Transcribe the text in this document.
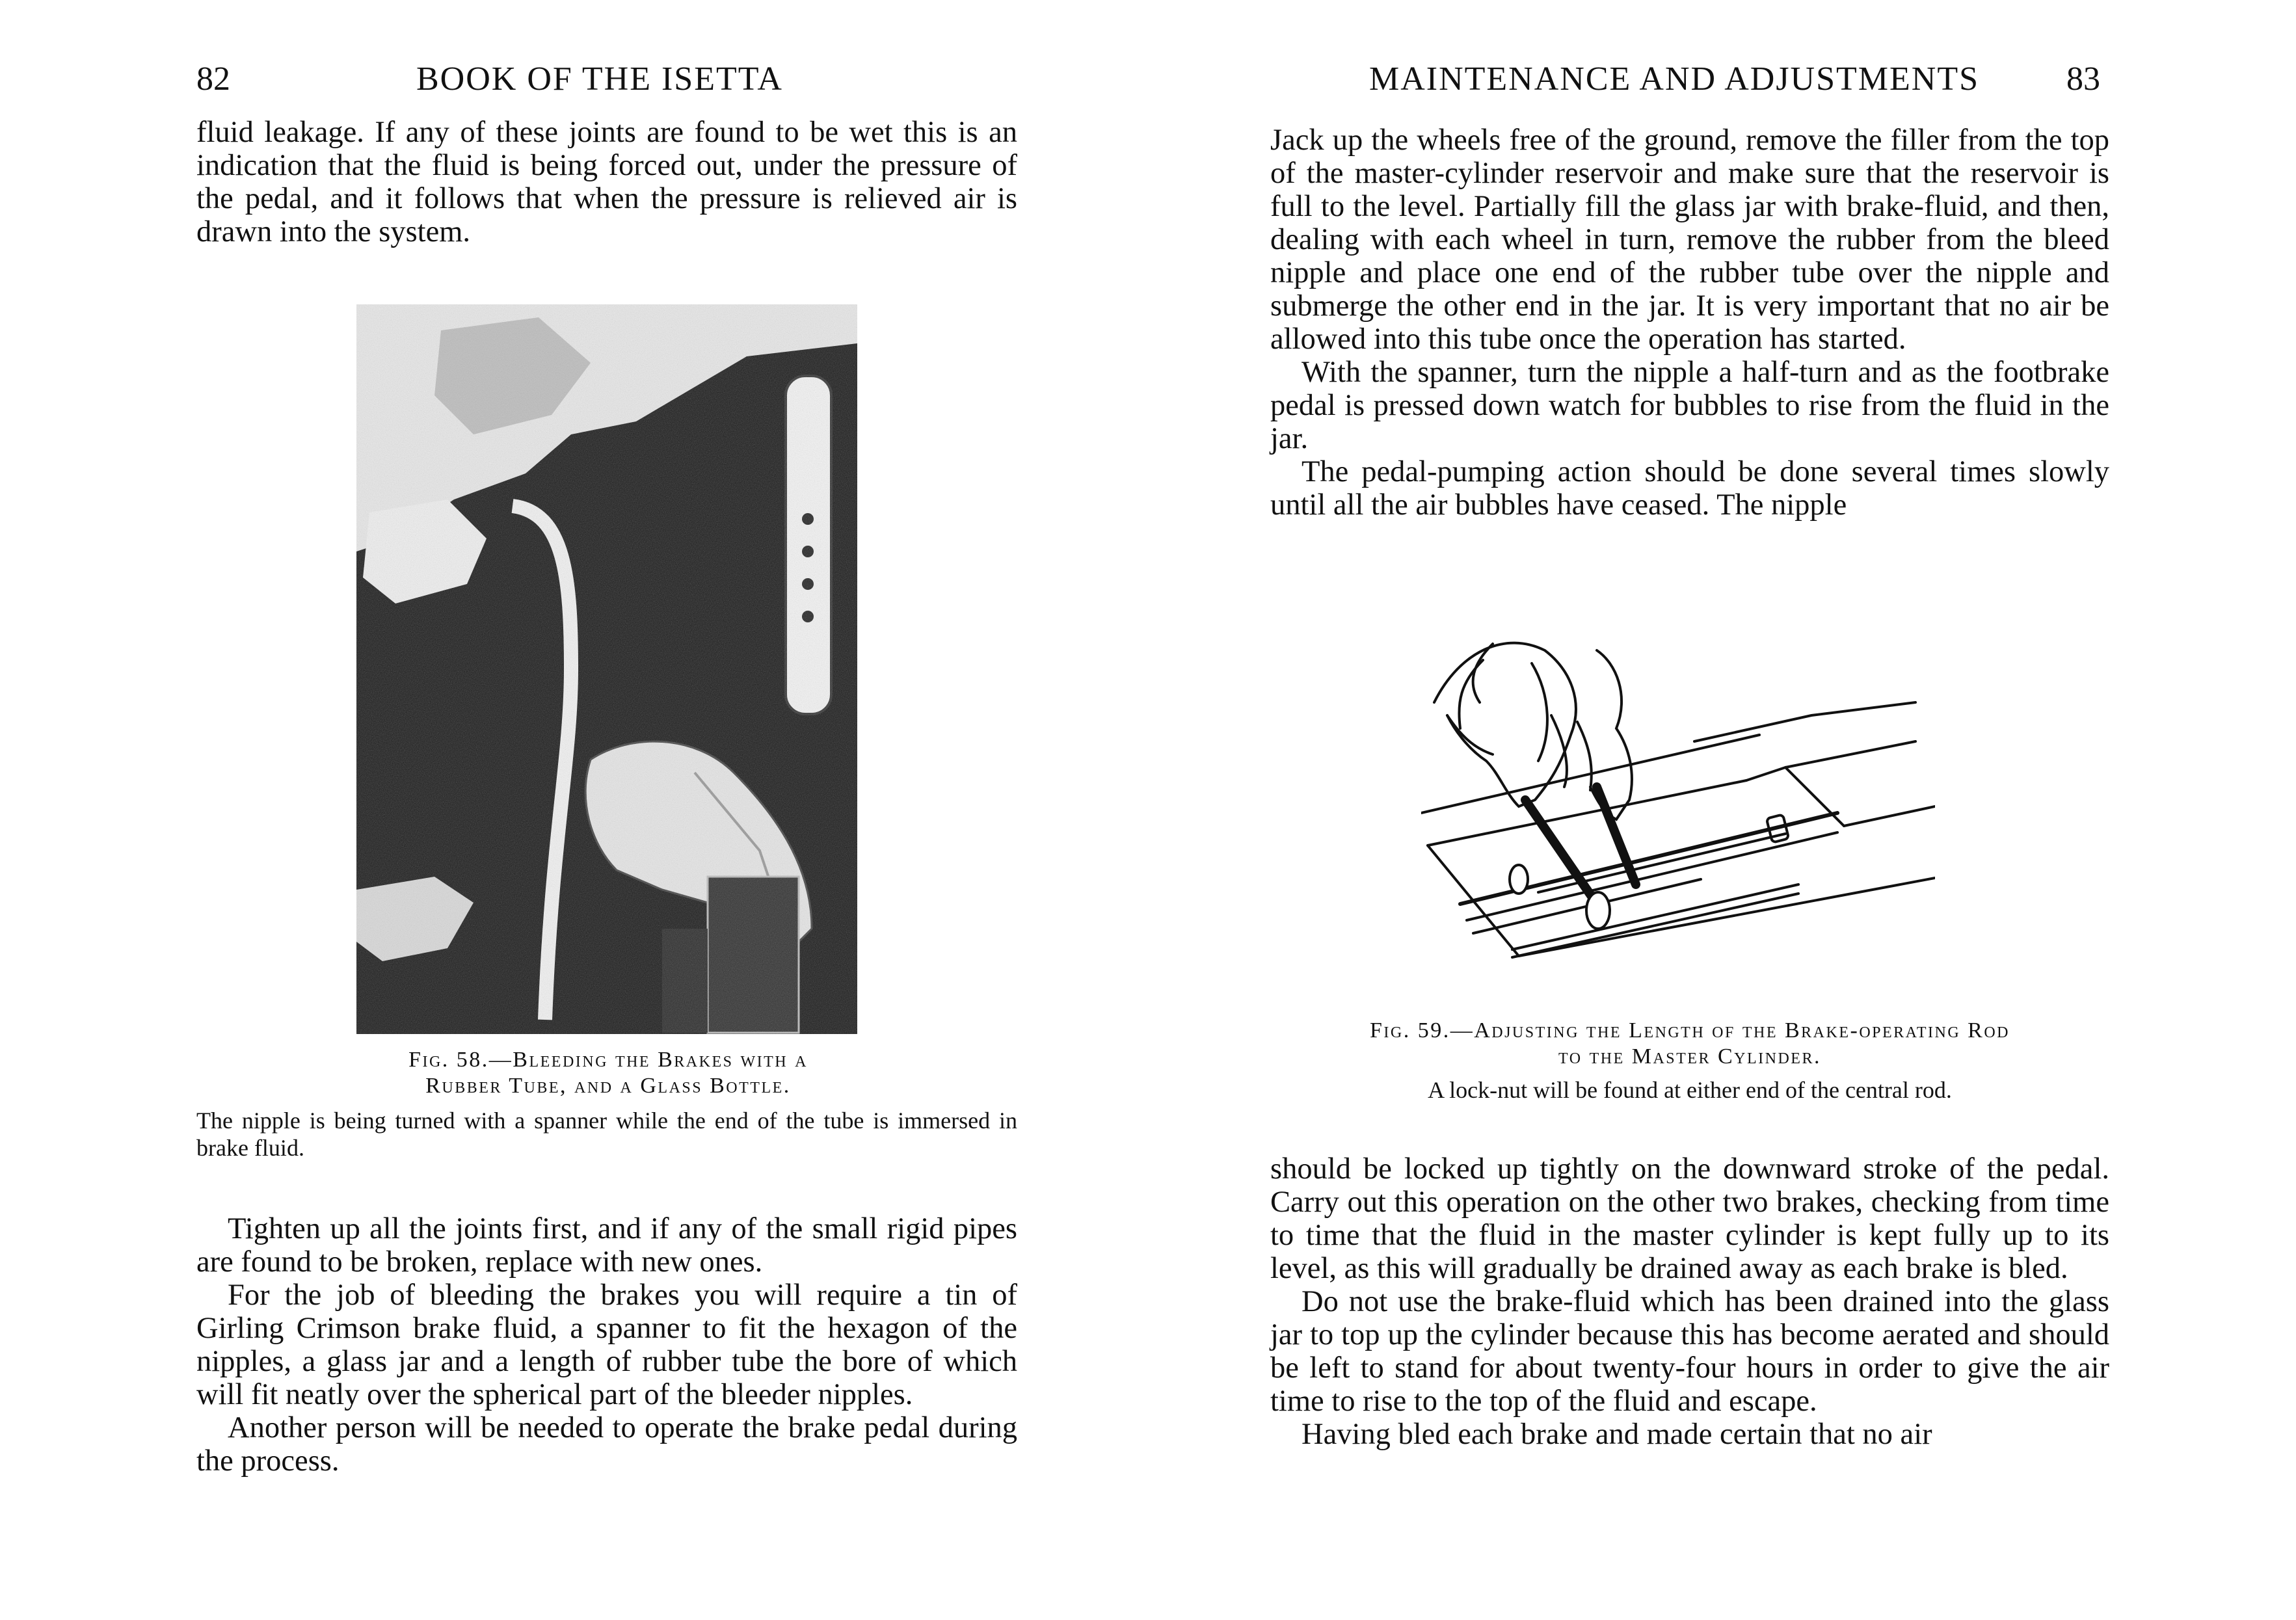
82	BOOK OF THE ISETTA

fluid leakage. If any of these joints are found to be wet this is an indication that the fluid is being forced out, under the pressure of the pedal, and it follows that when the pressure is relieved air is drawn into the system.

Fig. 58.—Bleeding the Brakes with a
Rubber Tube, and a Glass Bottle.
The nipple is being turned with a spanner while the end of the tube is immersed in brake fluid.

Tighten up all the joints first, and if any of the small rigid pipes are found to be broken, replace with new ones.

For the job of bleeding the brakes you will require a tin of Girling Crimson brake fluid, a spanner to fit the hexagon of the nipples, a glass jar and a length of rubber tube the bore of which will fit neatly over the spherical part of the bleeder nipples.

Another person will be needed to operate the brake pedal during the process.

MAINTENANCE AND ADJUSTMENTS	83

Jack up the wheels free of the ground, remove the filler from the top of the master-cylinder reservoir and make sure that the reservoir is full to the level. Partially fill the glass jar with brake-fluid, and then, dealing with each wheel in turn, remove the rubber from the bleed nipple and place one end of the rubber tube over the nipple and submerge the other end in the jar. It is very important that no air be allowed into this tube once the operation has started.

With the spanner, turn the nipple a half-turn and as the footbrake pedal is pressed down watch for bubbles to rise from the fluid in the jar.

The pedal-pumping action should be done several times slowly until all the air bubbles have ceased. The nipple

Fig. 59.—Adjusting the Length of the Brake-operating Rod
to the Master Cylinder.
A lock-nut will be found at either end of the central rod.

should be locked up tightly on the downward stroke of the pedal. Carry out this operation on the other two brakes, checking from time to time that the fluid in the master cylinder is kept fully up to its level, as this will gradually be drained away as each brake is bled.

Do not use the brake-fluid which has been drained into the glass jar to top up the cylinder because this has become aerated and should be left to stand for about twenty-four hours in order to give the air time to rise to the top of the fluid and escape.

Having bled each brake and made certain that no air
